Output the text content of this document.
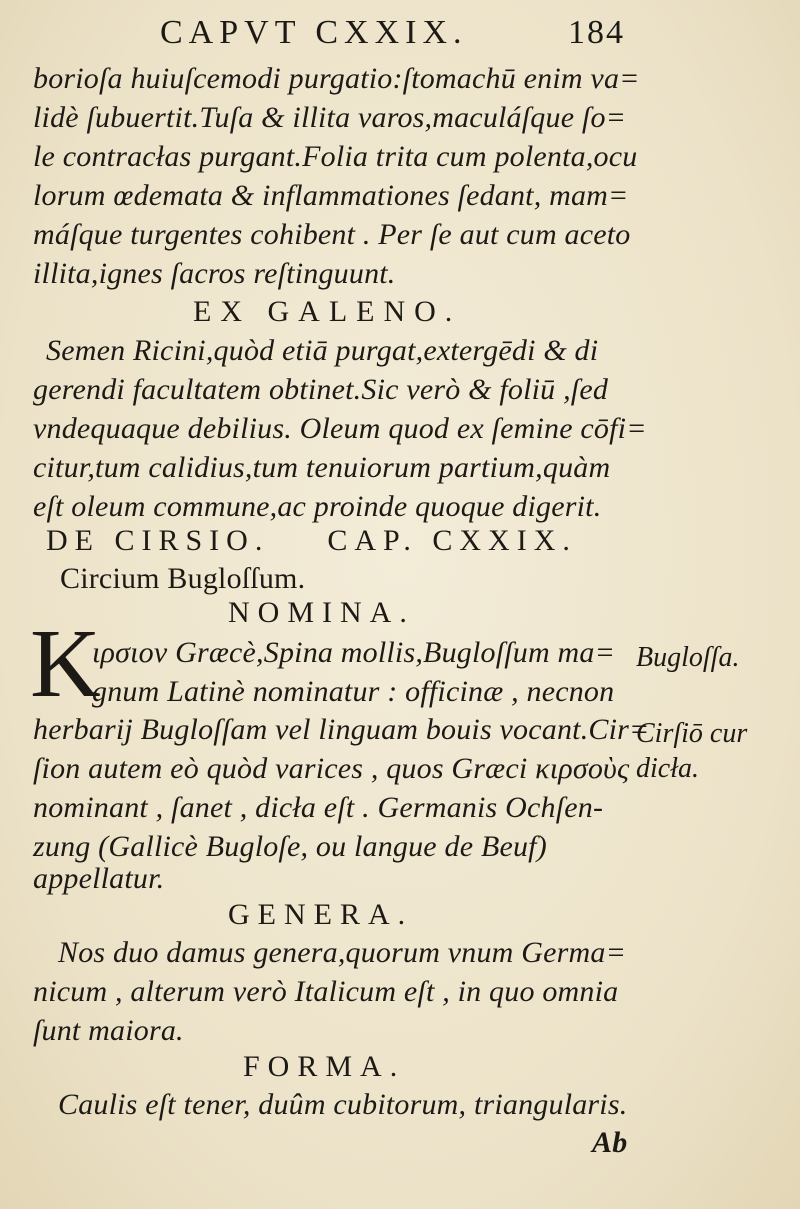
CAPVT CXXIX.	184
borioſa huiuſcemodi purgatio:ſtomachū enim va=
lidè ſubuertit.Tuſa & illita varos,maculáſque ſo=
le contracłas purgant.Folia trita cum polenta,ocu
lorum œdemata & inflammationes ſedant, mam=
máſque turgentes cohibent . Per ſe aut cum aceto
illita,ignes ſacros reſtinguunt.
EX GALENO.
Semen Ricini,quòd etiā purgat,extergēdi & di
gerendi facultatem obtinet.Sic verò & foliū ,ſed
vndequaque debilius. Oleum quod ex ſemine cōfi=
citur,tum calidius,tum tenuiorum partium,quàm
eſt oleum commune,ac proinde quoque digerit.
DE CIRSIO.    CAP. CXXIX.
Circium Bugloſſum.
NOMINA.
K
ιρσιον Græcè,Spina mollis,Bugloſſum ma=
gnum Latinè nominatur : officinæ , necnon
herbarij Bugloſſam vel linguam bouis vocant.Cir=
ſion autem eò quòd varices , quos Græci κιρσοὺς
nominant , ſanet , dicła eſt . Germanis Ochſen-
zung (Gallicè Bugloſe, ou langue de Beuf)
appellatur.
Bugloſſa.
Cirſiō cur
dicła.
GENERA.
Nos duo damus genera,quorum vnum Germa=
nicum , alterum verò Italicum eſt , in quo omnia
ſunt maiora.
FORMA.
Caulis eſt tener, duûm cubitorum, triangularis.
Ab
